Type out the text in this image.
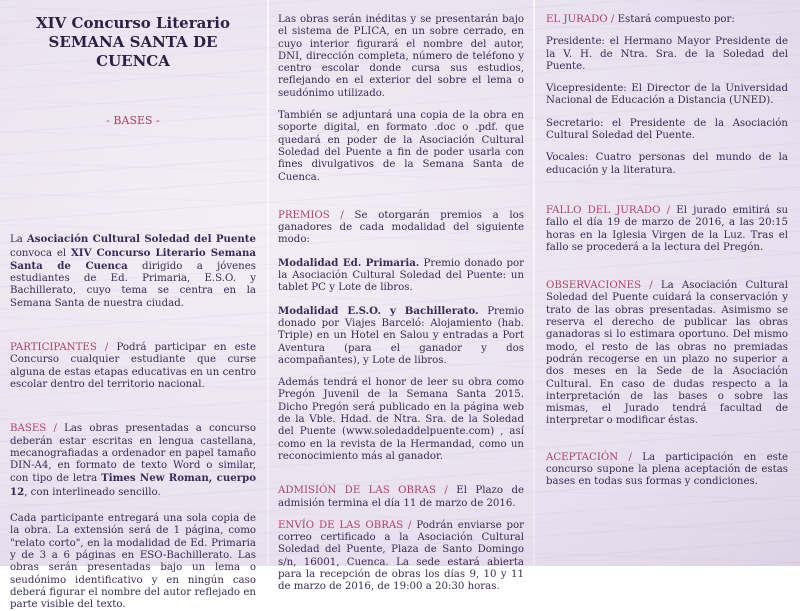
XIV Concurso Literario
SEMANA SANTA DE CUENCA
- BASES -

La Asociación Cultural Soledad del Puente convoca el XIV Concurso Literario Semana Santa de Cuenca dirigido a jóvenes estudiantes de Ed. Primaria, E.S.O. y Bachillerato, cuyo tema se centra en la Semana Santa de nuestra ciudad.

PARTICIPANTES / Podrá participar en este Concurso cualquier estudiante que curse alguna de estas etapas educativas en un centro escolar dentro del territorio nacional.

BASES / Las obras presentadas a concurso deberán estar escritas en lengua castellana, mecanografiadas a ordenador en papel tamaño DIN-A4, en formato de texto Word o similar, con tipo de letra Times New Roman, cuerpo 12, con interlineado sencillo.

Cada participante entregará una sola copia de la obra. La extensión será de 1 página, como "relato corto", en la modalidad de Ed. Primaria y de 3 a 6 páginas en ESO-Bachillerato. Las obras serán presentadas bajo un lema o seudónimo identificativo y en ningún caso deberá figurar el nombre del autor reflejado en parte visible del texto.

Las obras serán inéditas y se presentarán bajo el sistema de PLICA, en un sobre cerrado, en cuyo interior figurará el nombre del autor, DNI, dirección completa, número de teléfono y centro escolar donde cursa sus estudios, reflejando en el exterior del sobre el lema o seudónimo utilizado.

También se adjuntará una copia de la obra en soporte digital, en formato .doc o .pdf. que quedará en poder de la Asociación Cultural Soledad del Puente a fin de poder usarla con fines divulgativos de la Semana Santa de Cuenca.

PREMIOS / Se otorgarán premios a los ganadores de cada modalidad del siguiente modo:

Modalidad Ed. Primaria. Premio donado por la Asociación Cultural Soledad del Puente: un tablet PC y Lote de libros.

Modalidad E.S.O. y Bachillerato. Premio donado por Viajes Barceló: Alojamiento (hab. Triple) en un Hotel en Salou y entradas a Port Aventura (para el ganador y dos acompañantes), y Lote de libros.

Además tendrá el honor de leer su obra como Pregón Juvenil de la Semana Santa 2015. Dicho Pregón será publicado en la página web de la Vble. Hdad. de Ntra. Sra. de la Soledad del Puente (www.soledaddelpuente.com) , así como en la revista de la Hermandad, como un reconocimiento más al ganador.

ADMISIÓN DE LAS OBRAS / El Plazo de admisión termina el día 11 de marzo de 2016.

ENVÍO DE LAS OBRAS / Podrán enviarse por correo certificado a la Asociación Cultural Soledad del Puente, Plaza de Santo Domingo s/n, 16001, Cuenca. La sede estará abierta para la recepción de obras los días 9, 10 y 11 de marzo de 2016, de 19:00 a 20:30 horas.

EL JURADO / Estará compuesto por:

Presidente: el Hermano Mayor Presidente de la V. H. de Ntra. Sra. de la Soledad del Puente.

Vicepresidente: El Director de la Universidad Nacional de Educación a Distancia (UNED).

Secretario: el Presidente de la Asociación Cultural Soledad del Puente.

Vocales: Cuatro personas del mundo de la educación y la literatura.

FALLO DEL JURADO / El jurado emitirá su fallo el día 19 de marzo de 2016, a las 20:15 horas en la Iglesia Virgen de la Luz. Tras el fallo se procederá a la lectura del Pregón.

OBSERVACIONES / La Asociación Cultural Soledad del Puente cuidará la conservación y trato de las obras presentadas. Asimismo se reserva el derecho de publicar las obras ganadoras si lo estimara oportuno. Del mismo modo, el resto de las obras no premiadas podrán recogerse en un plazo no superior a dos meses en la Sede de la Asociación Cultural. En caso de dudas respecto a la interpretación de las bases o sobre las mismas, el Jurado tendrá facultad de interpretar o modificar éstas.

ACEPTACIÓN / La participación en este concurso supone la plena aceptación de estas bases en todas sus formas y condiciones.
